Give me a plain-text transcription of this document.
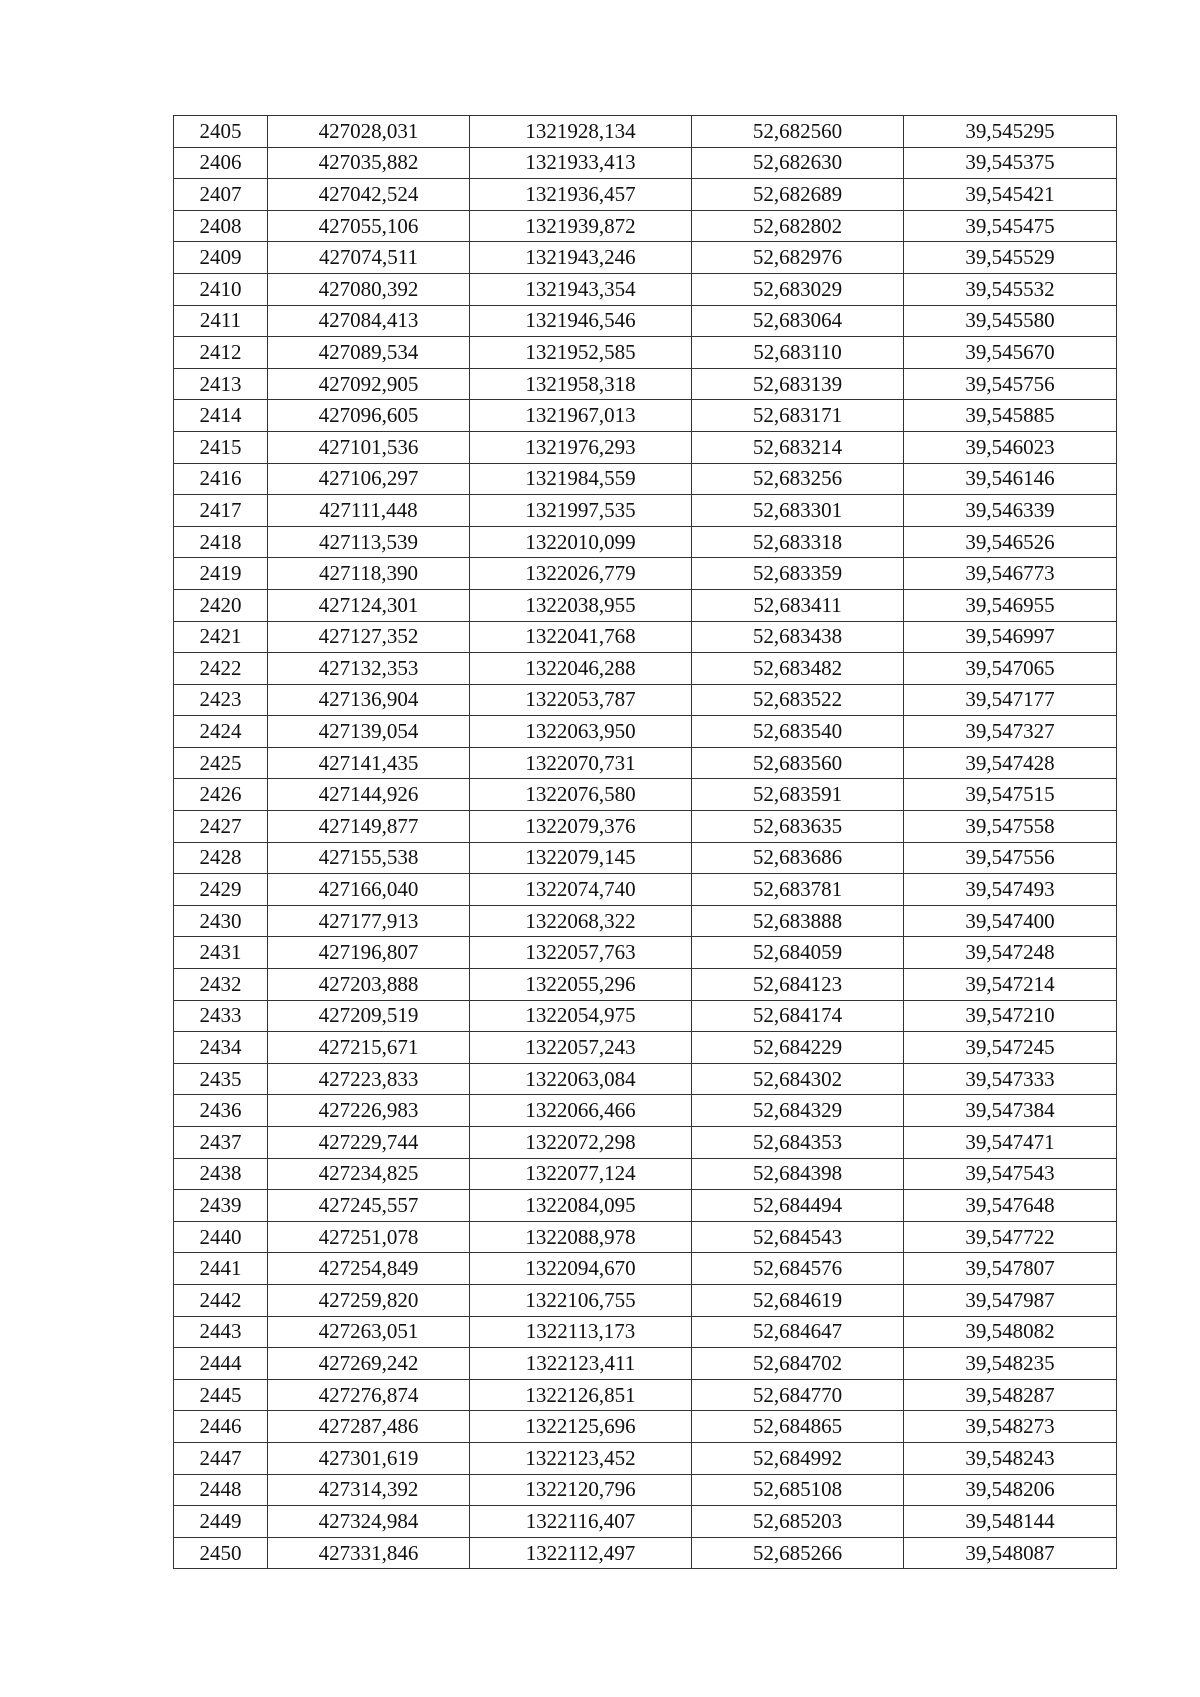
2405	427028,031	1321928,134	52,682560	39,545295
2406	427035,882	1321933,413	52,682630	39,545375
2407	427042,524	1321936,457	52,682689	39,545421
2408	427055,106	1321939,872	52,682802	39,545475
2409	427074,511	1321943,246	52,682976	39,545529
2410	427080,392	1321943,354	52,683029	39,545532
2411	427084,413	1321946,546	52,683064	39,545580
2412	427089,534	1321952,585	52,683110	39,545670
2413	427092,905	1321958,318	52,683139	39,545756
2414	427096,605	1321967,013	52,683171	39,545885
2415	427101,536	1321976,293	52,683214	39,546023
2416	427106,297	1321984,559	52,683256	39,546146
2417	427111,448	1321997,535	52,683301	39,546339
2418	427113,539	1322010,099	52,683318	39,546526
2419	427118,390	1322026,779	52,683359	39,546773
2420	427124,301	1322038,955	52,683411	39,546955
2421	427127,352	1322041,768	52,683438	39,546997
2422	427132,353	1322046,288	52,683482	39,547065
2423	427136,904	1322053,787	52,683522	39,547177
2424	427139,054	1322063,950	52,683540	39,547327
2425	427141,435	1322070,731	52,683560	39,547428
2426	427144,926	1322076,580	52,683591	39,547515
2427	427149,877	1322079,376	52,683635	39,547558
2428	427155,538	1322079,145	52,683686	39,547556
2429	427166,040	1322074,740	52,683781	39,547493
2430	427177,913	1322068,322	52,683888	39,547400
2431	427196,807	1322057,763	52,684059	39,547248
2432	427203,888	1322055,296	52,684123	39,547214
2433	427209,519	1322054,975	52,684174	39,547210
2434	427215,671	1322057,243	52,684229	39,547245
2435	427223,833	1322063,084	52,684302	39,547333
2436	427226,983	1322066,466	52,684329	39,547384
2437	427229,744	1322072,298	52,684353	39,547471
2438	427234,825	1322077,124	52,684398	39,547543
2439	427245,557	1322084,095	52,684494	39,547648
2440	427251,078	1322088,978	52,684543	39,547722
2441	427254,849	1322094,670	52,684576	39,547807
2442	427259,820	1322106,755	52,684619	39,547987
2443	427263,051	1322113,173	52,684647	39,548082
2444	427269,242	1322123,411	52,684702	39,548235
2445	427276,874	1322126,851	52,684770	39,548287
2446	427287,486	1322125,696	52,684865	39,548273
2447	427301,619	1322123,452	52,684992	39,548243
2448	427314,392	1322120,796	52,685108	39,548206
2449	427324,984	1322116,407	52,685203	39,548144
2450	427331,846	1322112,497	52,685266	39,548087
